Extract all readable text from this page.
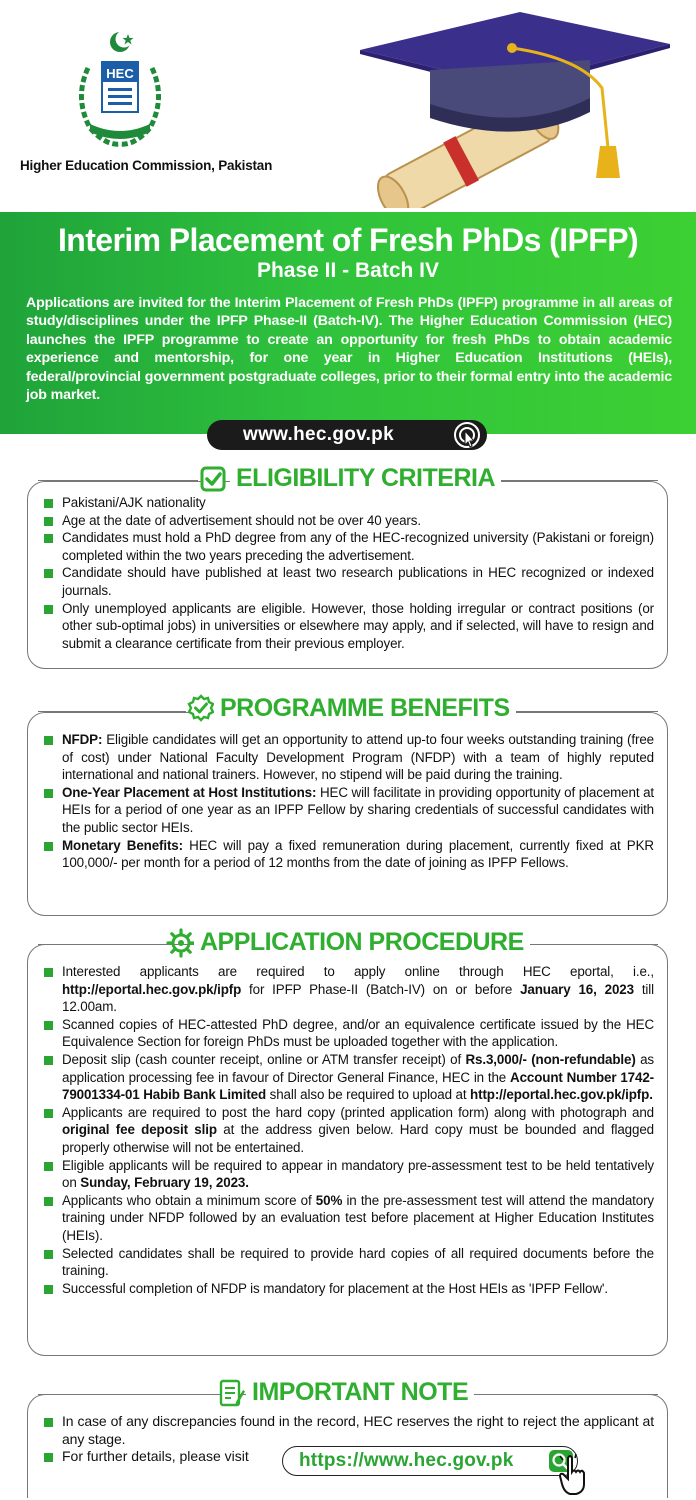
HEC
Higher Education Commission, Pakistan
Interim Placement of Fresh PhDs (IPFP)
Phase II - Batch IV
Applications are invited for the Interim Placement of Fresh PhDs (IPFP) programme in all areas of study/disciplines under the IPFP Phase-II (Batch-IV). The Higher Education Commission (HEC) launches the IPFP programme to create an opportunity for fresh PhDs to obtain academic experience and mentorship, for one year in Higher Education Institutions (HEIs), federal/provincial government postgraduate colleges, prior to their formal entry into the academic job market.
www.hec.gov.pk
ELIGIBILITY CRITERIA
Pakistani/AJK nationality
Age at the date of advertisement should not be over 40 years.
Candidates must hold a PhD degree from any of the HEC-recognized university (Pakistani or foreign) completed within the two years preceding the advertisement.
Candidate should have published at least two research publications in HEC recognized or indexed journals.
Only unemployed applicants are eligible. However, those holding irregular or contract positions (or other sub-optimal jobs) in universities or elsewhere may apply, and if selected, will have to resign and submit a clearance certificate from their previous employer.
PROGRAMME BENEFITS
NFDP: Eligible candidates will get an opportunity to attend up-to four weeks outstanding training (free of cost) under National Faculty Development Program (NFDP) with a team of highly reputed international and national trainers. However, no stipend will be paid during the training.
One-Year Placement at Host Institutions: HEC will facilitate in providing opportunity of placement at HEIs for a period of one year as an IPFP Fellow by sharing credentials of successful candidates with the public sector HEIs.
Monetary Benefits: HEC will pay a fixed remuneration during placement, currently fixed at PKR 100,000/- per month for a period of 12 months from the date of joining as IPFP Fellows.
APPLICATION PROCEDURE
Interested applicants are required to apply online through HEC eportal, i.e., http://eportal.hec.gov.pk/ipfp for IPFP Phase-II (Batch-IV) on or before January 16, 2023 till 12.00am.
Scanned copies of HEC-attested PhD degree, and/or an equivalence certificate issued by the HEC Equivalence Section for foreign PhDs must be uploaded together with the application.
Deposit slip (cash counter receipt, online or ATM transfer receipt) of Rs.3,000/- (non-refundable) as application processing fee in favour of Director General Finance, HEC in the Account Number 1742-79001334-01 Habib Bank Limited shall also be required to upload at http://eportal.hec.gov.pk/ipfp.
Applicants are required to post the hard copy (printed application form) along with photograph and original fee deposit slip at the address given below. Hard copy must be bounded and flagged properly otherwise will not be entertained.
Eligible applicants will be required to appear in mandatory pre-assessment test to be held tentatively on Sunday, February 19, 2023.
Applicants who obtain a minimum score of 50% in the pre-assessment test will attend the mandatory training under NFDP followed by an evaluation test before placement at Higher Education Institutes (HEIs).
Selected candidates shall be required to provide hard copies of all required documents before the training.
Successful completion of NFDP is mandatory for placement at the Host HEIs as 'IPFP Fellow'.
IMPORTANT NOTE
In case of any discrepancies found in the record, HEC reserves the right to reject the applicant at any stage.
For further details, please visit	https://www.hec.gov.pk
